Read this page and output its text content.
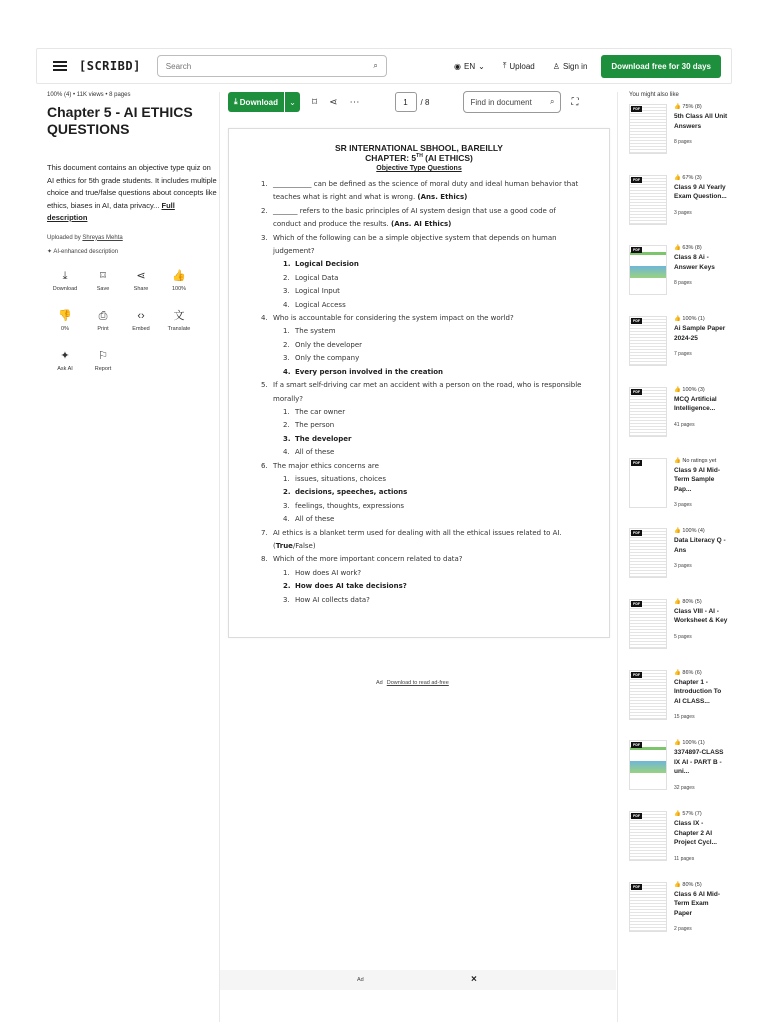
[SCRIBD]
Search	⌕	◉ EN ⌄ ⤒ Upload ♙ Sign in	Download free for 30 days
100% (4) • 11K views • 8 pages
Chapter 5 - AI ETHICS QUESTIONS
This document contains an objective type quiz on AI ethics for 5th grade students. It includes multiple choice and true/false questions about concepts like ethics, biases in AI, data privacy... Full description
Uploaded by Shreyas Mehta
✦ AI-enhanced description
⤓
Download
⌑
Save
⋖
Share
👍
100%
👎
0%
⎙
Print
‹›
Embed
文
Translate
✦
Ask AI
⚐
Report
⤓
Download ⌄ ⌑ ⋖ ⋯	1	/ 8	Find in document ⌕ ⛶
SR INTERNATIONAL SBHOOL, BAREILLY
CHAPTER: 5TH (AI ETHICS)
Objective Type Questions
1. ___________ can be defined as the science of moral duty and ideal human behavior that teaches what is right and what is wrong. (Ans. Ethics)
2. _______ refers to the basic principles of AI system design that use a good code of conduct and produce the results. (Ans. AI Ethics)
3. Which of the following can be a simple objective system that depends on human judgement?
1. Logical Decision
2. Logical Data
3. Logical Input
4. Logical Access
4. Who is accountable for considering the system impact on the world?
1. The system
2. Only the developer
3. Only the company
4. Every person involved in the creation
5. If a smart self-driving car met an accident with a person on the road, who is responsible morally?
1. The car owner
2. The person
3. The developer
4. All of these
6. The major ethics concerns are
1. issues, situations, choices
2. decisions, speeches, actions
3. feelings, thoughts, expressions
4. All of these
7. AI ethics is a blanket term used for dealing with all the ethical issues related to AI. (True/False)
8. Which of the more important concern related to data?
1. How does AI work?
2. How does AI take decisions?
3. How AI collects data?
Ad Download to read ad-free
Ad	×
You might also like
PDF	👍 75% (8)
5th Class All Unit Answers
8 pages
PDF	👍 67% (3)
Class 9 AI Yearly Exam Question...
3 pages
PDF	👍 63% (8)
Class 8 Ai - Answer Keys
8 pages
PDF	👍 100% (1)
Ai Sample Paper 2024-25
7 pages
PDF	👍 100% (3)
MCQ Artificial Intelligence...
41 pages
PDF	👍 No ratings yet
Class 9 AI Mid-Term Sample Pap...
3 pages
PDF	👍 100% (4)
Data Literacy Q - Ans
3 pages
PDF	👍 80% (5)
Class VIII - AI - Worksheet & Key
5 pages
PDF	👍 86% (6)
Chapter 1 - Introduction To AI CLASS...
15 pages
PDF	👍 100% (1)
3374897-CLASS IX AI - PART B - uni...
32 pages
PDF	👍 57% (7)
Class IX - Chapter 2 AI Project Cycl...
11 pages
PDF	👍 80% (5)
Class 6 AI Mid-Term Exam Paper
2 pages
